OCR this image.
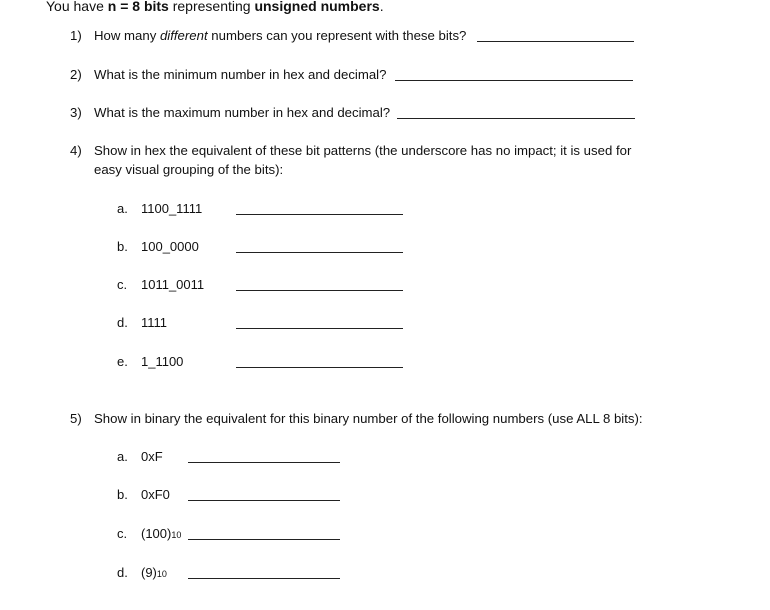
You have n = 8 bits representing unsigned numbers.
1) How many different numbers can you represent with these bits?
2) What is the minimum number in hex and decimal?
3) What is the maximum number in hex and decimal?
4) Show in hex the equivalent of these bit patterns (the underscore has no impact; it is used for
easy visual grouping of the bits):
a. 1100_1111
b. 100_0000
c. 1011_0011
d. 1111
e. 1_1100
5) Show in binary the equivalent for this binary number of the following numbers (use ALL 8 bits):
a. 0xF
b. 0xF0
c. (100)10
d. (9)10
